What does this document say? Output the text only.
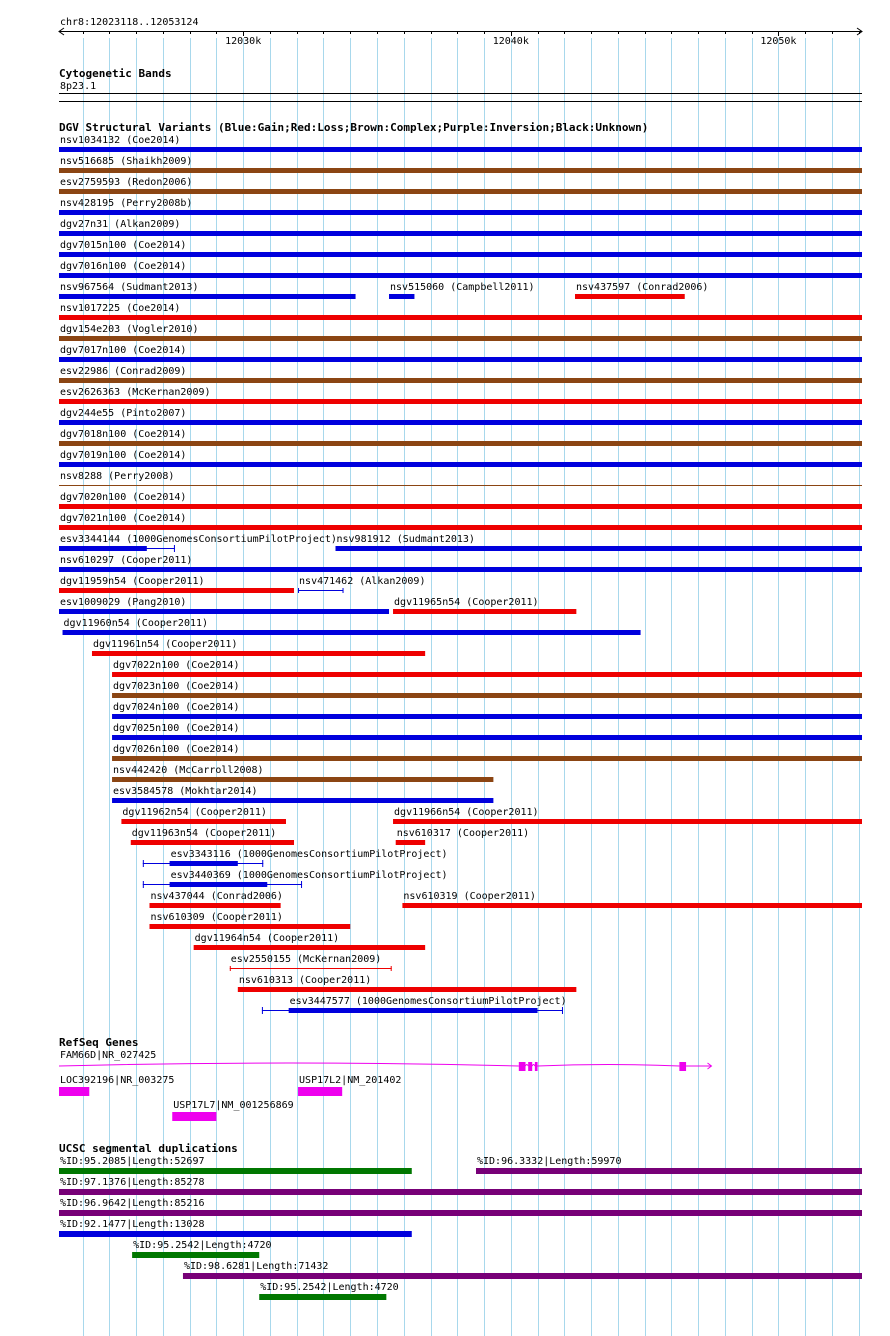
chr8:12023118..12053124
12030k	12040k	12050k
Cytogenetic Bands
8p23.1
DGV Structural Variants (Blue:Gain;Red:Loss;Brown:Complex;Purple:Inversion;Black:Unknown)
nsv1034132 (Coe2014)
nsv516685 (Shaikh2009)
esv2759593 (Redon2006)
nsv428195 (Perry2008b)
dgv27n31 (Alkan2009)
dgv7015n100 (Coe2014)
dgv7016n100 (Coe2014)
nsv967564 (Sudmant2013)	nsv515060 (Campbell2011)	nsv437597 (Conrad2006)
nsv1017225 (Coe2014)
dgv154e203 (Vogler2010)
dgv7017n100 (Coe2014)
esv22986 (Conrad2009)
esv2626363 (McKernan2009)
dgv244e55 (Pinto2007)
dgv7018n100 (Coe2014)
dgv7019n100 (Coe2014)
nsv8288 (Perry2008)
dgv7020n100 (Coe2014)
dgv7021n100 (Coe2014)
esv3344144 (1000GenomesConsortiumPilotProject) nsv981912 (Sudmant2013)
nsv610297 (Cooper2011)
dgv11959n54 (Cooper2011)	nsv471462 (Alkan2009)
esv1009029 (Pang2010)	dgv11965n54 (Cooper2011)
dgv11960n54 (Cooper2011)
dgv11961n54 (Cooper2011)
dgv7022n100 (Coe2014)
dgv7023n100 (Coe2014)
dgv7024n100 (Coe2014)
dgv7025n100 (Coe2014)
dgv7026n100 (Coe2014)
nsv442420 (McCarroll2008)
esv3584578 (Mokhtar2014)
dgv11962n54 (Cooper2011)	dgv11966n54 (Cooper2011)
dgv11963n54 (Cooper2011)	nsv610317 (Cooper2011)
esv3343116 (1000GenomesConsortiumPilotProject)
esv3440369 (1000GenomesConsortiumPilotProject)
nsv437044 (Conrad2006)	nsv610319 (Cooper2011)
nsv610309 (Cooper2011)
dgv11964n54 (Cooper2011)
esv2550155 (McKernan2009)
nsv610313 (Cooper2011)
esv3447577 (1000GenomesConsortiumPilotProject)
RefSeq Genes
FAM66D|NR_027425
LOC392196|NR_003275	USP17L2|NM_201402
USP17L7|NM_001256869
UCSC segmental duplications
%ID:95.2085|Length:52697	%ID:96.3332|Length:59970
%ID:97.1376|Length:85278
%ID:96.9642|Length:85216
%ID:92.1477|Length:13028
%ID:95.2542|Length:4720
%ID:98.6281|Length:71432
%ID:95.2542|Length:4720
